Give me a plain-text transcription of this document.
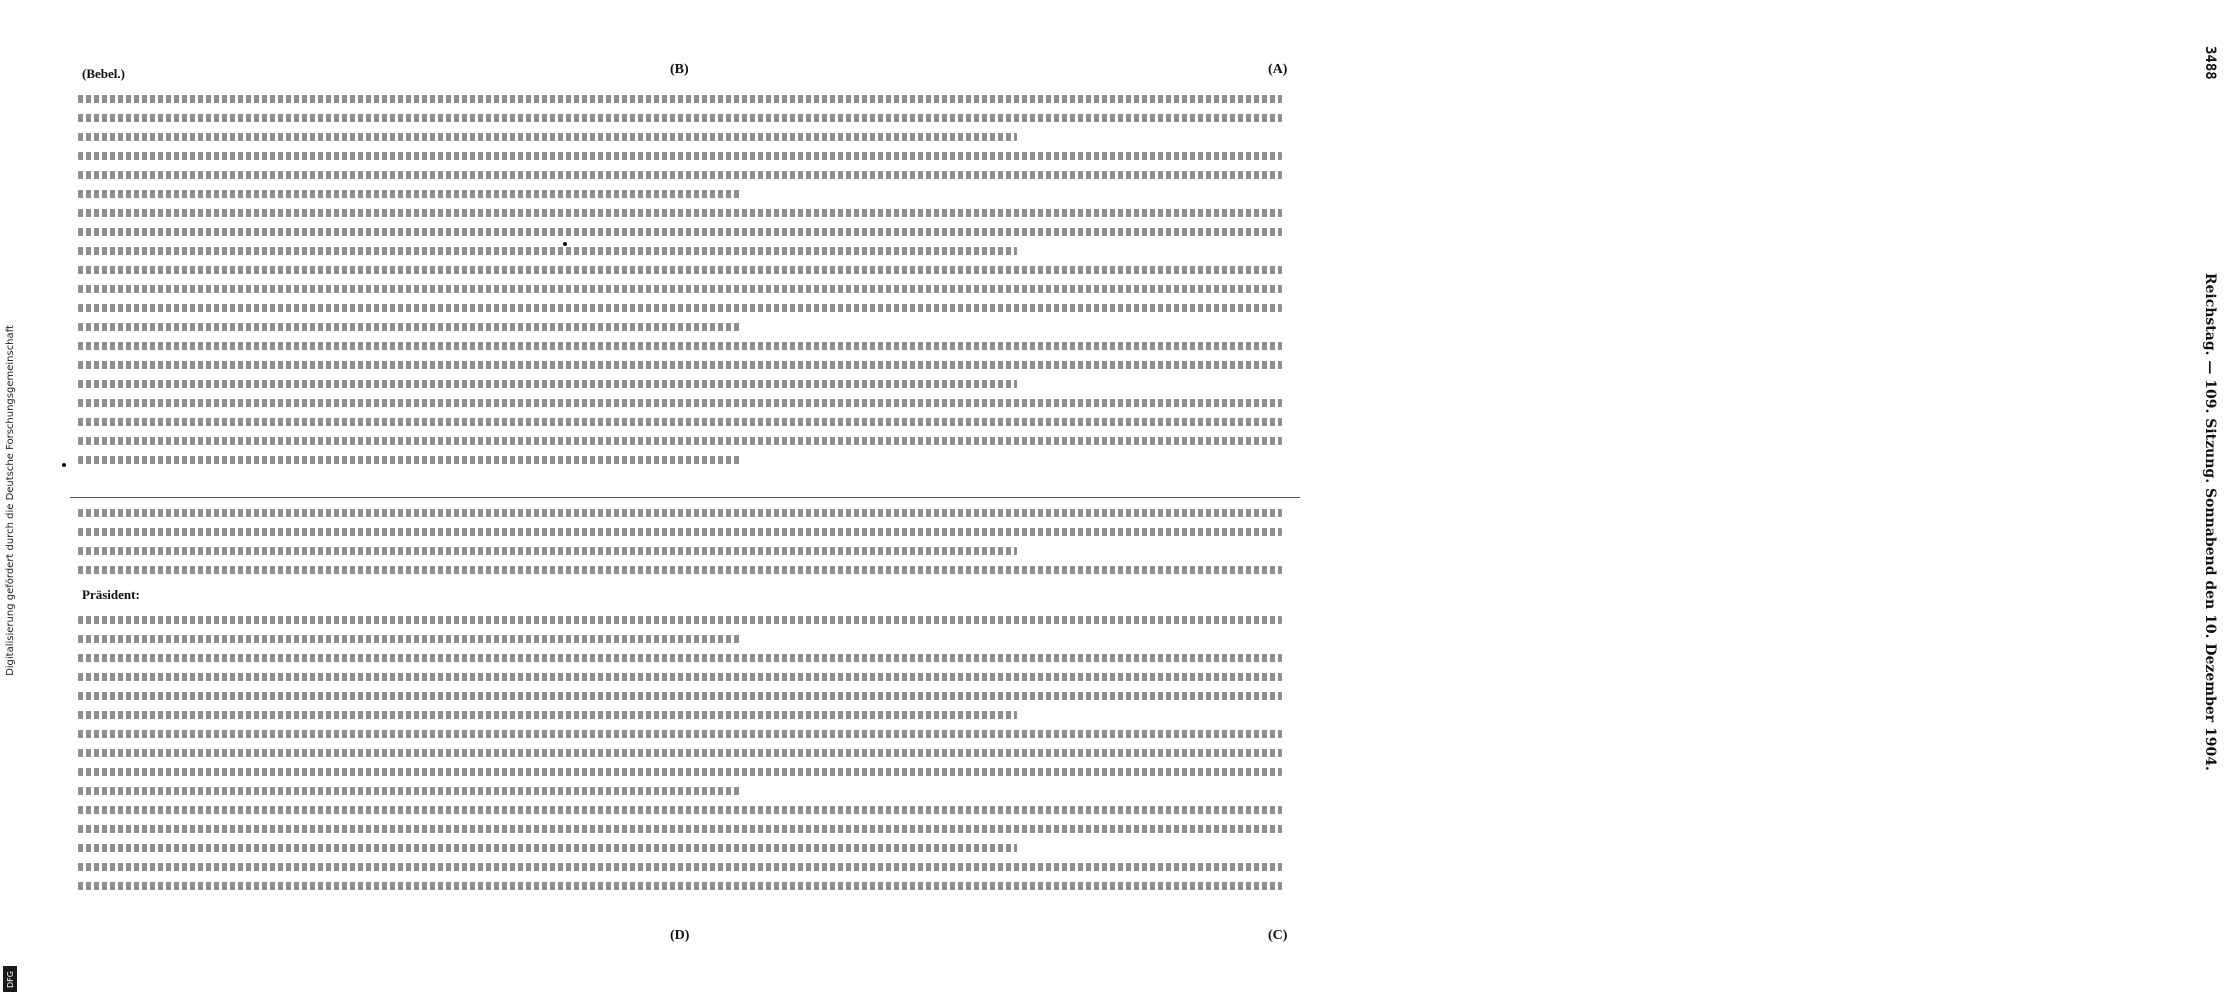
Digitalisierung gefördert durch die Deutsche Forschungsgemeinschaft
DFG
3488
Reichstag. — 109. Sitzung. Sonnabend den 10. Dezember 1904.
(A)
(B)
(C)
(D)
(Bebel.)
Präsident:
